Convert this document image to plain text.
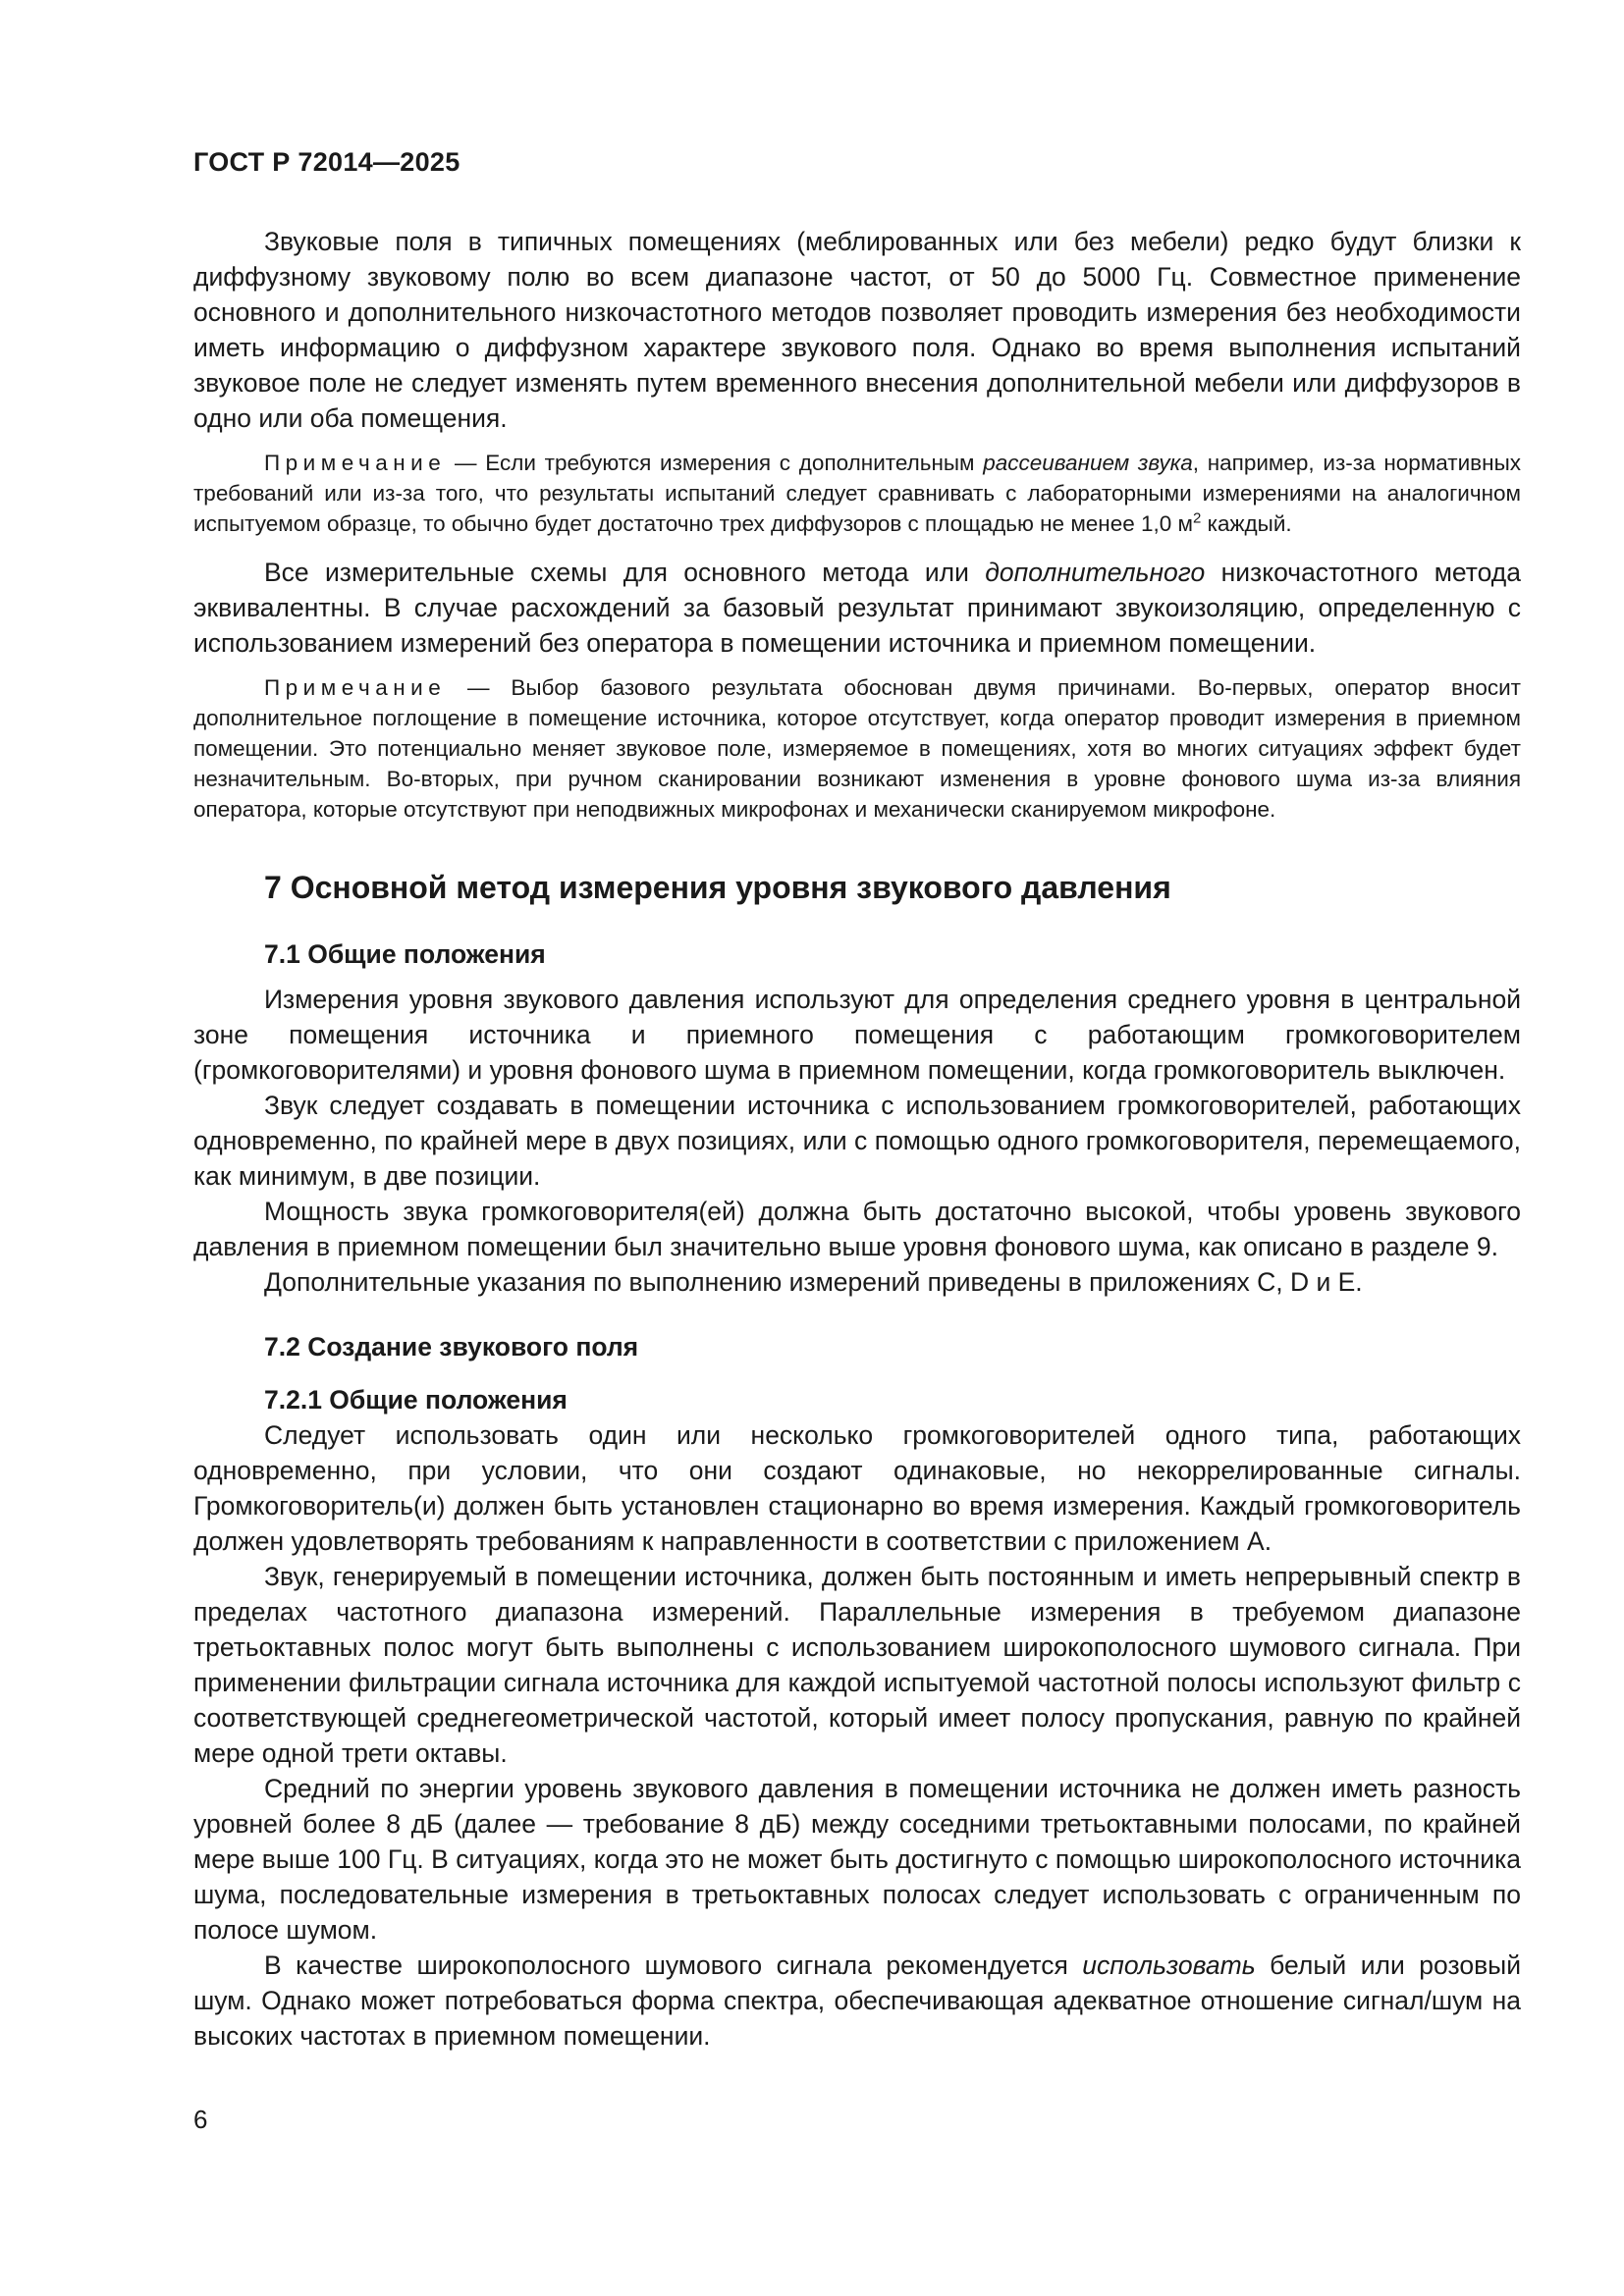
ГОСТ Р 72014—2025

Звуковые поля в типичных помещениях (меблированных или без мебели) редко будут близки к диффузному звуковому полю во всем диапазоне частот, от 50 до 5000 Гц. Совместное применение основного и дополнительного низкочастотного методов позволяет проводить измерения без необходимости иметь информацию о диффузном характере звукового поля. Однако во время выполнения испытаний звуковое поле не следует изменять путем временного внесения дополнительной мебели или диффузоров в одно или оба помещения.

Примечание — Если требуются измерения с дополнительным рассеиванием звука, например, из-за нормативных требований или из-за того, что результаты испытаний следует сравнивать с лабораторными измерениями на аналогичном испытуемом образце, то обычно будет достаточно трех диффузоров с площадью не менее 1,0 $м^2$ каждый.

Все измерительные схемы для основного метода или дополнительного низкочастотного метода эквивалентны. В случае расхождений за базовый результат принимают звукоизоляцию, определенную с использованием измерений без оператора в помещении источника и приемном помещении.

Примечание — Выбор базового результата обоснован двумя причинами. Во-первых, оператор вносит дополнительное поглощение в помещение источника, которое отсутствует, когда оператор проводит измерения в приемном помещении. Это потенциально меняет звуковое поле, измеряемое в помещениях, хотя во многих ситуациях эффект будет незначительным. Во-вторых, при ручном сканировании возникают изменения в уровне фонового шума из-за влияния оператора, которые отсутствуют при неподвижных микрофонах и механически сканируемом микрофоне.

7 Основной метод измерения уровня звукового давления
7.1 Общие положения

Измерения уровня звукового давления используют для определения среднего уровня в центральной зоне помещения источника и приемного помещения с работающим громкоговорителем (громкоговорителями) и уровня фонового шума в приемном помещении, когда громкоговоритель выключен.

Звук следует создавать в помещении источника с использованием громкоговорителей, работающих одновременно, по крайней мере в двух позициях, или с помощью одного громкоговорителя, перемещаемого, как минимум, в две позиции.

Мощность звука громкоговорителя(ей) должна быть достаточно высокой, чтобы уровень звукового давления в приемном помещении был значительно выше уровня фонового шума, как описано в разделе 9.

Дополнительные указания по выполнению измерений приведены в приложениях C, D и E.

7.2 Создание звукового поля
7.2.1 Общие положения

Следует использовать один или несколько громкоговорителей одного типа, работающих одновременно, при условии, что они создают одинаковые, но некоррелированные сигналы. Громкоговоритель(и) должен быть установлен стационарно во время измерения. Каждый громкоговоритель должен удовлетворять требованиям к направленности в соответствии с приложением А.

Звук, генерируемый в помещении источника, должен быть постоянным и иметь непрерывный спектр в пределах частотного диапазона измерений. Параллельные измерения в требуемом диапазоне третьоктавных полос могут быть выполнены с использованием широкополосного шумового сигнала. При применении фильтрации сигнала источника для каждой испытуемой частотной полосы используют фильтр с соответствующей среднегеометрической частотой, который имеет полосу пропускания, равную по крайней мере одной трети октавы.

Средний по энергии уровень звукового давления в помещении источника не должен иметь разность уровней более 8 дБ (далее — требование 8 дБ) между соседними третьоктавными полосами, по крайней мере выше 100 Гц. В ситуациях, когда это не может быть достигнуто с помощью широкополосного источника шума, последовательные измерения в третьоктавных полосах следует использовать с ограниченным по полосе шумом.

В качестве широкополосного шумового сигнала рекомендуется использовать белый или розовый шум. Однако может потребоваться форма спектра, обеспечивающая адекватное отношение сигнал/шум на высоких частотах в приемном помещении.

6
